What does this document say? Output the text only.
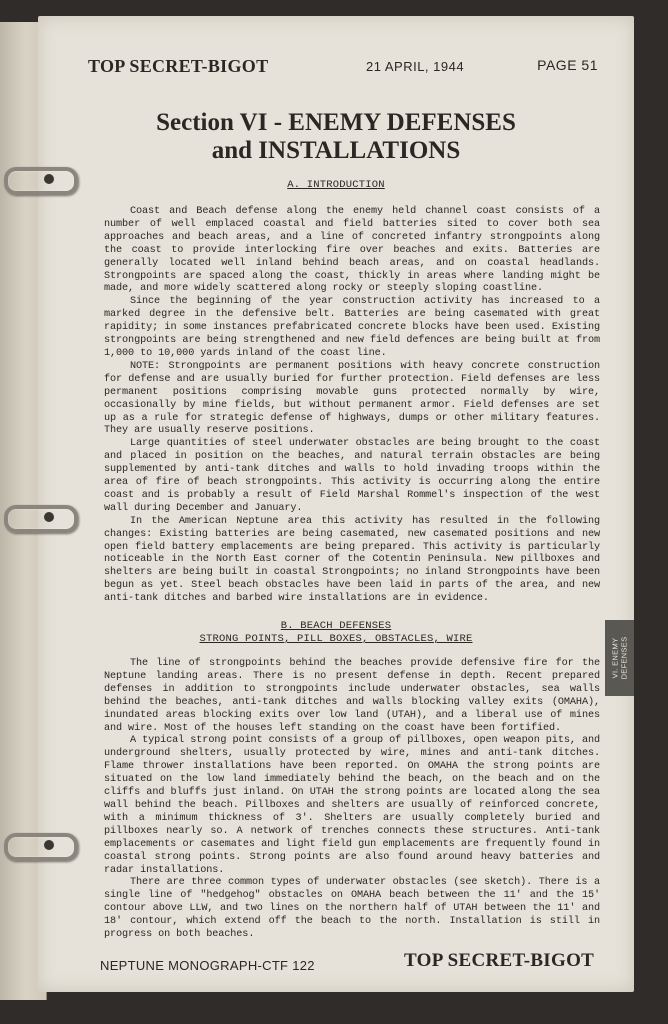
TOP SECRET-BIGOT	21 APRIL, 1944	PAGE 51
Section VI - ENEMY DEFENSES
and INSTALLATIONS
A. INTRODUCTION

Coast and Beach defense along the enemy held channel coast consists of a number of well emplaced coastal and field batteries sited to cover both sea approaches and beach areas, and a line of concreted infantry strongpoints along the coast to provide interlocking fire over beaches and exits. Batteries are generally located well inland behind beach areas, and on coastal headlands. Strongpoints are spaced along the coast, thickly in areas where landing might be made, and more widely scattered along rocky or steeply sloping coastline.

Since the beginning of the year construction activity has increased to a marked degree in the defensive belt. Batteries are being casemated with great rapidity; in some instances prefabricated concrete blocks have been used. Existing strongpoints are being strengthened and new field defences are being built at from 1,000 to 10,000 yards inland of the coast line.

NOTE: Strongpoints are permanent positions with heavy concrete construction for defense and are usually buried for further protection. Field defenses are less permanent positions comprising movable guns protected normally by wire, occasionally by mine fields, but without permanent armor. Field defenses are set up as a rule for strategic defense of highways, dumps or other military features. They are usually reserve positions.

Large quantities of steel underwater obstacles are being brought to the coast and placed in position on the beaches, and natural terrain obstacles are being supplemented by anti-tank ditches and walls to hold invading troops within the area of fire of beach strongpoints. This activity is occurring along the entire coast and is probably a result of Field Marshal Rommel's inspection of the west wall during December and January.

In the American Neptune area this activity has resulted in the following changes: Existing batteries are being casemated, new casemated positions and new open field battery emplacements are being prepared. This activity is particularly noticeable in the North East corner of the Cotentin Peninsula. New pillboxes and shelters are being built in coastal Strongpoints; no inland Strongpoints have been begun as yet. Steel beach obstacles have been laid in parts of the area, and new anti-tank ditches and barbed wire installations are in evidence.

B. BEACH DEFENSES
STRONG POINTS, PILL BOXES, OBSTACLES, WIRE

The line of strongpoints behind the beaches provide defensive fire for the Neptune landing areas. There is no present defense in depth. Recent prepared defenses in addition to strongpoints include underwater obstacles, sea walls behind the beaches, anti-tank ditches and walls blocking valley exits (OMAHA), inundated areas blocking exits over low land (UTAH), and a liberal use of mines and wire. Most of the houses left standing on the coast have been fortified.

A typical strong point consists of a group of pillboxes, open weapon pits, and underground shelters, usually protected by wire, mines and anti-tank ditches. Flame thrower installations have been reported. On OMAHA the strong points are situated on the low land immediately behind the beach, on the beach and on the cliffs and bluffs just inland. On UTAH the strong points are located along the sea wall behind the beach. Pillboxes and shelters are usually of reinforced concrete, with a minimum thickness of 3'. Shelters are usually completely buried and pillboxes nearly so. A network of trenches connects these structures. Anti-tank emplacements or casemates and light field gun emplacements are frequently found in coastal strong points. Strong points are also found around heavy batteries and radar installations.

There are three common types of underwater obstacles (see sketch). There is a single line of "hedgehog" obstacles on OMAHA beach between the 11' and the 15' contour above LLW, and two lines on the northern half of UTAH between the 11' and 18' contour, which extend off the beach to the north. Installation is still in progress on both beaches.

VI. ENEMY DEFENSES
NEPTUNE MONOGRAPH-CTF 122	TOP SECRET-BIGOT
